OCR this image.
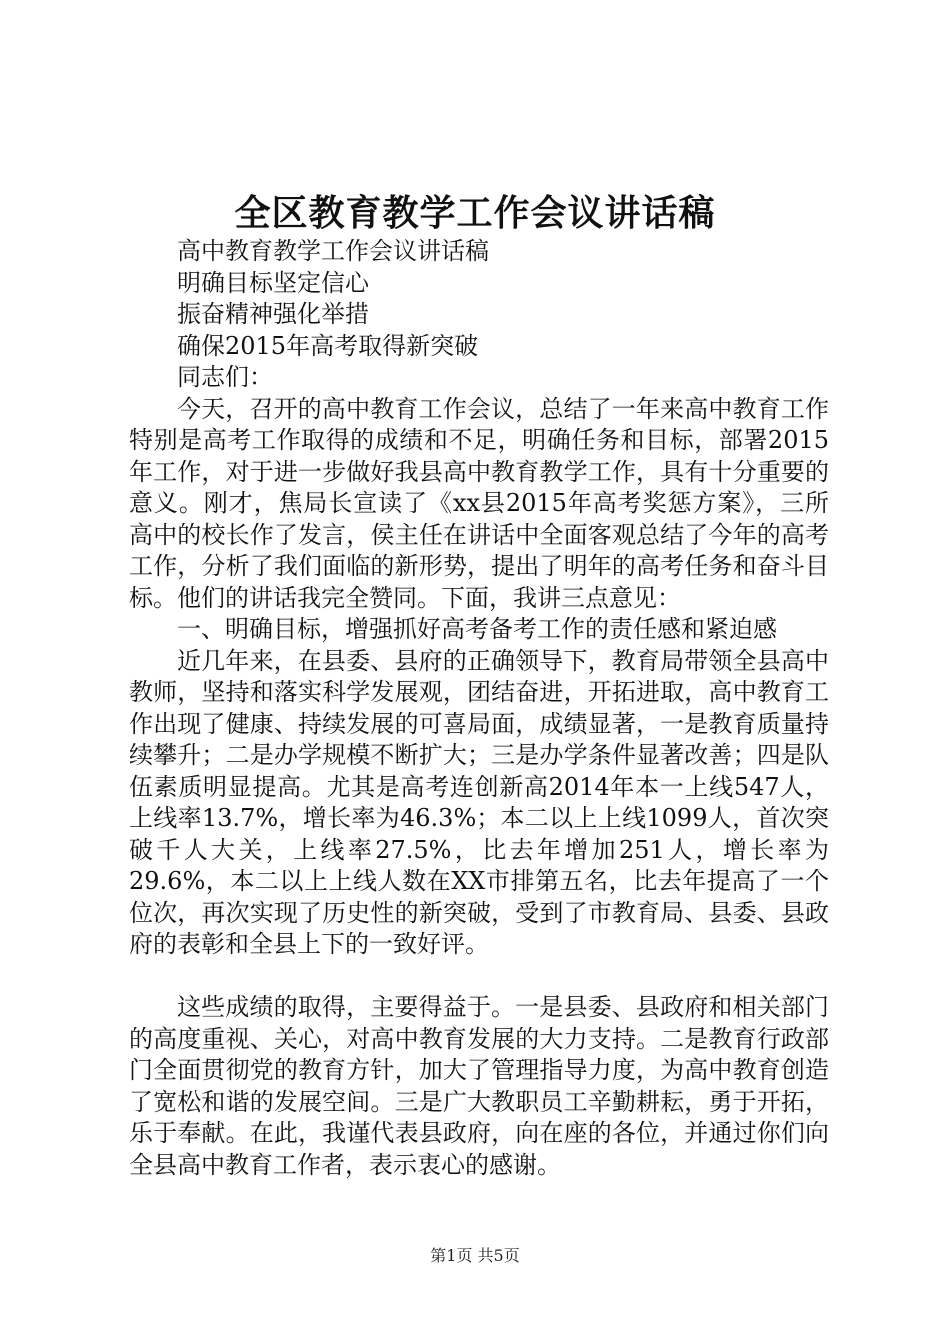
全区教育教学工作会议讲话稿

高中教育教学工作会议讲话稿

明确目标坚定信心

振奋精神强化举措

确保2015年高考取得新突破

同志们：

今天，召开的高中教育工作会议，总结了一年来高中教育工作特别是高考工作取得的成绩和不足，明确任务和目标，部署2015年工作，对于进一步做好我县高中教育教学工作，具有十分重要的意义。刚才，焦局长宣读了《xx县2015年高考奖惩方案》，三所高中的校长作了发言，侯主任在讲话中全面客观总结了今年的高考工作，分析了我们面临的新形势，提出了明年的高考任务和奋斗目标。他们的讲话我完全赞同。下面，我讲三点意见：

一、明确目标，增强抓好高考备考工作的责任感和紧迫感

近几年来，在县委、县府的正确领导下，教育局带领全县高中教师，坚持和落实科学发展观，团结奋进，开拓进取，高中教育工作出现了健康、持续发展的可喜局面，成绩显著，一是教育质量持续攀升；二是办学规模不断扩大；三是办学条件显著改善；四是队伍素质明显提高。尤其是高考连创新高2014年本一上线547人，上线率13.7%，增长率为46.3%；本二以上上线1099人，首次突破千人大关，上线率27.5%，比去年增加251人，增长率为29.6%，本二以上上线人数在XX市排第五名，比去年提高了一个位次，再次实现了历史性的新突破，受到了市教育局、县委、县政府的表彰和全县上下的一致好评。

这些成绩的取得，主要得益于。一是县委、县政府和相关部门的高度重视、关心，对高中教育发展的大力支持。二是教育行政部门全面贯彻党的教育方针，加大了管理指导力度，为高中教育创造了宽松和谐的发展空间。三是广大教职员工辛勤耕耘，勇于开拓，乐于奉献。在此，我谨代表县政府，向在座的各位，并通过你们向全县高中教育工作者，表示衷心的感谢。

第1页 共5页
